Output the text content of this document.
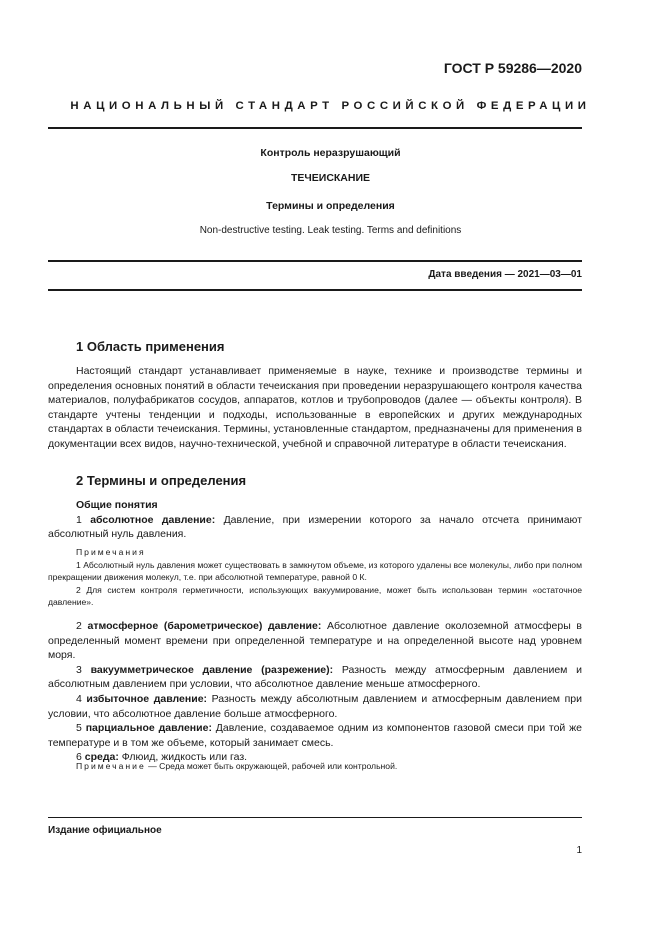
ГОСТ Р 59286—2020
НАЦИОНАЛЬНЫЙ СТАНДАРТ РОССИЙСКОЙ ФЕДЕРАЦИИ
Контроль неразрушающий
ТЕЧЕИСКАНИЕ
Термины и определения
Non-destructive testing. Leak testing. Terms and definitions
Дата введения — 2021—03—01
1 Область применения
Настоящий стандарт устанавливает применяемые в науке, технике и производстве термины и определения основных понятий в области течеискания при проведении неразрушающего контроля качества материалов, полуфабрикатов сосудов, аппаратов, котлов и трубопроводов (далее — объекты контроля). В стандарте учтены тенденции и подходы, использованные в европейских и других международных стандартах в области течеискания. Термины, установленные стандартом, предназначены для применения в документации всех видов, научно-технической, учебной и справочной литературе в области течеискания.
2 Термины и определения

Общие понятия

1 абсолютное давление: Давление, при измерении которого за начало отсчета принимают абсолютный нуль давления.

Примечания

1 Абсолютный нуль давления может существовать в замкнутом объеме, из которого удалены все молекулы, либо при полном прекращении движения молекул, т.е. при абсолютной температуре, равной 0 К.

2 Для систем контроля герметичности, использующих вакуумирование, может быть использован термин «остаточное давление».

2 атмосферное (барометрическое) давление: Абсолютное давление околоземной атмосферы в определенный момент времени при определенной температуре и на определенной высоте над уровнем моря.

3 вакуумметрическое давление (разрежение): Разность между атмосферным давлением и абсолютным давлением при условии, что абсолютное давление меньше атмосферного.

4 избыточное давление: Разность между абсолютным давлением и атмосферным давлением при условии, что абсолютное давление больше атмосферного.

5 парциальное давление: Давление, создаваемое одним из компонентов газовой смеси при той же температуре и в том же объеме, который занимает смесь.

6 среда: Флюид, жидкость или газ.

Примечание — Среда может быть окружающей, рабочей или контрольной.

Издание официальное
1
